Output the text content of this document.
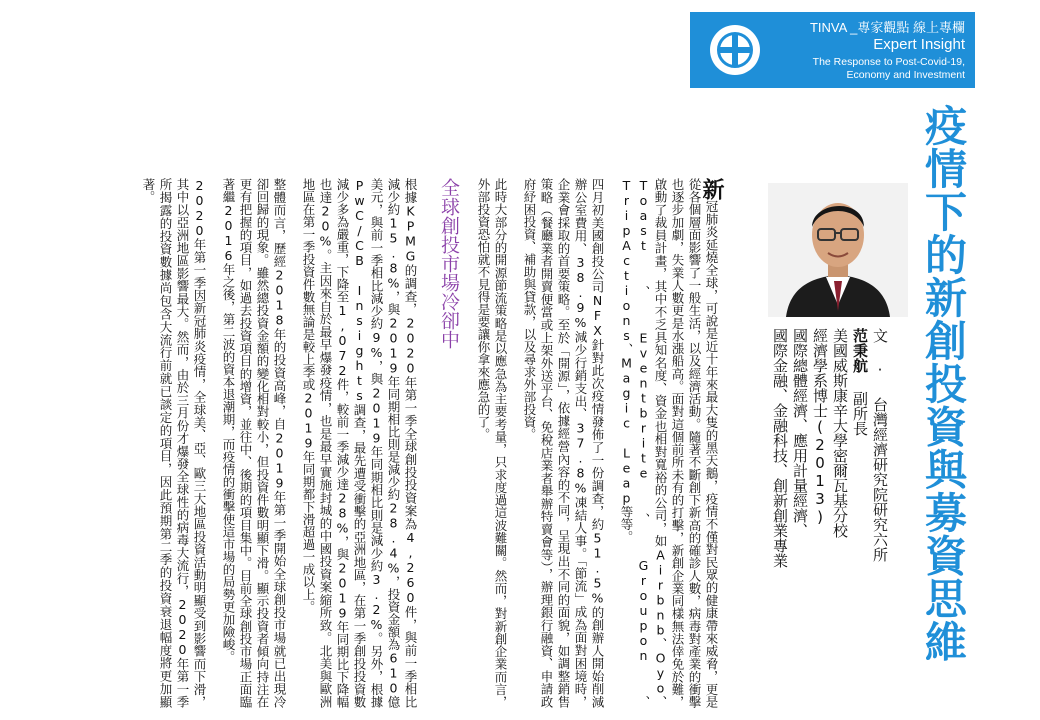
TINVA _專家觀點 線上專欄
Expert Insight
The Response to Post-Covid-19,
Economy and Investment
疫情下的新創投資與募資思維
文 ‧ 台灣經濟研究院研究六所
范秉航 副所長
美國威斯康辛大學密爾瓦基分校
經濟學系博士(2013)
國際總體經濟、應用計量經濟、
國際金融、金融科技、創新創業專業

新冠肺炎延燒全球，可說是近十年來最大隻的黑天鵝，疫情不僅對民眾的健康帶來威脅，更是從各個層面影響了一般生活，以及經濟活動。隨著不斷創下新高的確診人數，病毒對產業的衝擊也逐步加劇，失業人數更是水漲船高。面對這個前所未有的打擊，新創企業同樣無法倖免於難，啟動了裁員計畫，其中不乏具知名度、資金也相對寬裕的公司，如Airbnb、Oyo、Toast、Eventbrite、Groupon、TripActions、Magic Leap等等。

四月初美國創投公司NFX針對此次疫情發佈了一份調查，約51.5%的創辦人開始削減辦公室費用、38.9%減少行銷支出、37.8%凍結人事。「節流」成為面對困境時，企業會採取的首要策略。至於「開源」，依據經營內容的不同，呈現出不同的面貌，如調整銷售策略（餐廳業者開賣便當或上架外送平台、免稅店業者舉辦特賣會等），辦理銀行融資、申請政府紓困投資、補助與貸款，以及尋求外部投資。

此時大部分的開源節流策略是以應急為主要考量，只求度過這波難關。然而，對新創企業而言，外部投資恐怕就不見得是要讓你拿來應急的了。

全球創投市場冷卻中

根據KPMG的調查，2020年第一季全球創投投資案為4,260件，與前一季相比減少約15.8%，與2019年同期相比則是減少約28.4%，投資金額為610億美元，與前一季相比減少約9%，與2019年同期相比則是減少約3.2%。另外，根據PwC/CB Insights調查，最先遭受衝擊的亞洲地區，在第一季創投投資數減少多為嚴重，下降至1,072件，較前一季減少達28%，與2019年同期比下降幅也達20%。主因來自於最早爆發疫情，也是最早實施封城的中國投資案縮所致。北美與歐洲地區在第一季投資件數無論是較上季或2019年同期都下滑超過一成以上。

整體而言，歷經2018年的投資高峰，自2019年第一季開始全球創投市場就已出現冷卻回歸的現象。雖然總投資金額的變化相對較小，但投資件數明顯下滑。顯示投資者傾向持注在更有把握的項目，如過去投資項目的增資，並往中、後期的項目集中。目前全球創投市場正面臨著繼2016年之後，第二波的資本退潮期，而疫情的衝擊使這市場的局勢更加險峻。

2020年第一季因新冠肺炎疫情，全球美、亞、歐三大地區投資活動明顯受到影響而下滑，其中以亞洲地區影響最大。然而，由於三月份才爆發全球性的病毒大流行，2020年第一季所揭露的投資數據尚包含大流行前就已談定的項目，因此預期第二季的投資衰退幅度將更加顯著。
